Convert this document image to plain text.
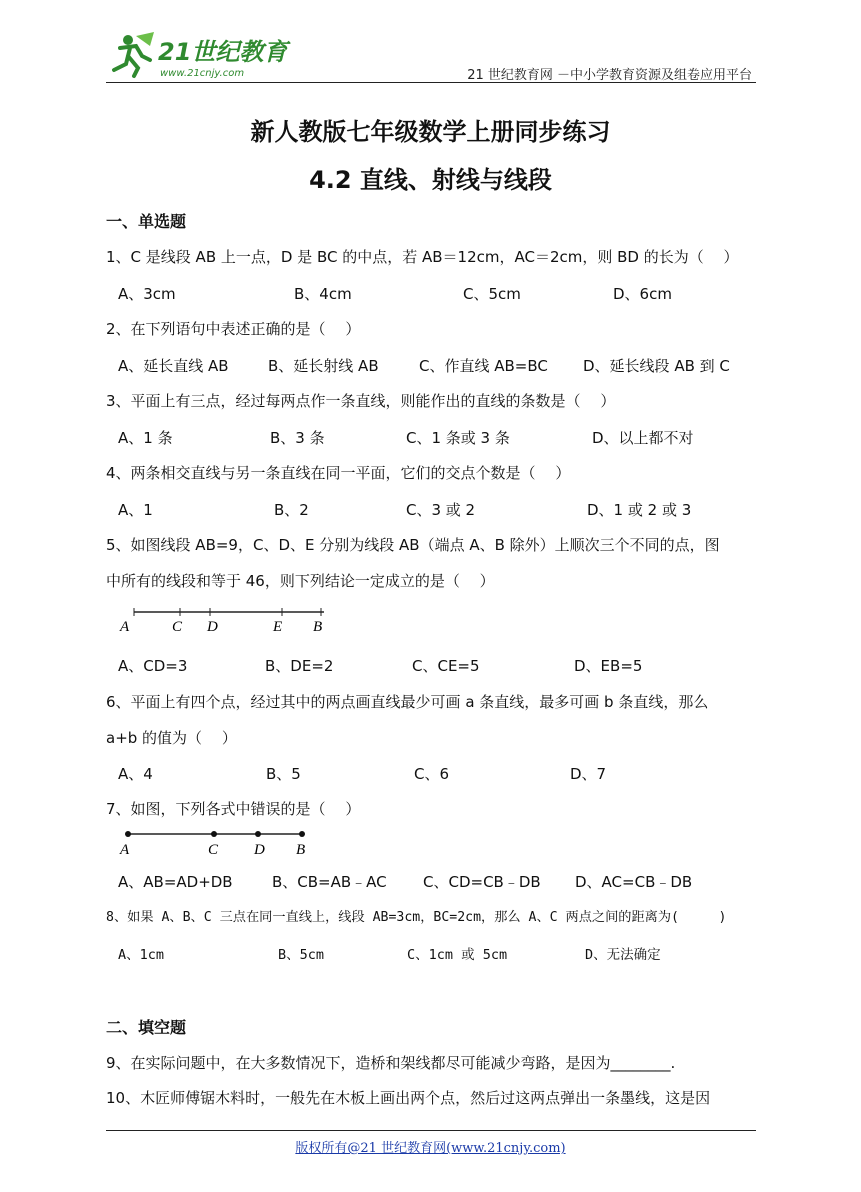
21世纪教育
www.21cnjy.com	21 世纪教育网 －中小学教育资源及组卷应用平台
新人教版七年级数学上册同步练习
4.2 直线、射线与线段
一、单选题
1、C 是线段 AB 上一点，D 是 BC 的中点，若 AB＝12cm，AC＝2cm，则 BD 的长为（　 ）
A、3cm	B、4cm	C、5cm	D、6cm
2、在下列语句中表述正确的是（　 ）
A、延长直线 AB	B、延长射线 AB	C、作直线 AB=BC D、延长线段 AB 到 C
3、平面上有三点，经过每两点作一条直线，则能作出的直线的条数是（　 ）
A、1 条	B、3 条	C、1 条或 3 条	D、以上都不对
4、两条相交直线与另一条直线在同一平面，它们的交点个数是（　 ）
A、1	B、2	C、3 或 2	D、1 或 2 或 3
5、如图线段 AB=9，C、D、E 分别为线段 AB（端点 A、B 除外）上顺次三个不同的点，图
中所有的线段和等于 46，则下列结论一定成立的是（　 ）
A	C D	E B
A、CD=3	B、DE=2	C、CE=5	D、EB=5
6、平面上有四个点，经过其中的两点画直线最少可画 a 条直线，最多可画 b 条直线，那么
a+b 的值为（　 ）
A、4	B、5	C、6	D、7
7、如图，下列各式中错误的是（　 ）
A	C D B
A、AB=AD+DB	B、CB=AB﹣AC C、CD=CB﹣DB D、AC=CB﹣DB
8、如果 A、B、C 三点在同一直线上，线段 AB=3cm，BC=2cm，那么 A、C 两点之间的距离为(　　　)
A、1cm	B、5cm	C、1cm 或 5cm	D、无法确定
二、填空题
9、在实际问题中，在大多数情况下，造桥和架线都尽可能减少弯路，是因为________.
10、木匠师傅锯木料时，一般先在木板上画出两个点，然后过这两点弹出一条墨线，这是因
版权所有@21 世纪教育网(www.21cnjy.com)
